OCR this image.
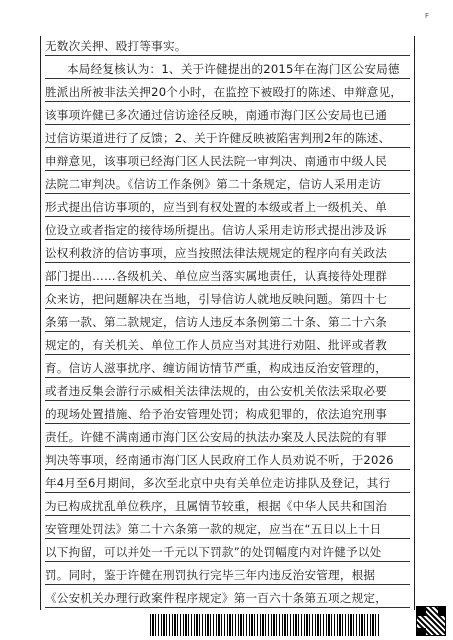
F
无数次关押、殴打等事实。
本局经复核认为：1、关于许健提出的2015年在海门区公安局德
胜派出所被非法关押20个小时，在监控下被殴打的陈述、申辩意见，
该事项许健已多次通过信访途径反映，南通市海门区公安局也已通
过信访渠道进行了反馈；2、关于许健反映被陷害判刑2年的陈述、
申辩意见，该事项已经海门区人民法院一审判决、南通市中级人民
法院二审判决。《信访工作条例》第二十条规定，信访人采用走访
形式提出信访事项的，应当到有权处置的本级或者上一级机关、单
位设立或者指定的接待场所提出。信访人采用走访形式提出涉及诉
讼权利救济的信访事项，应当按照法律法规规定的程序向有关政法
部门提出……各级机关、单位应当落实属地责任，认真接待处理群
众来访，把问题解决在当地，引导信访人就地反映问题。第四十七
条第一款、第二款规定，信访人违反本条例第二十条、第二十六条
规定的，有关机关、单位工作人员应当对其进行劝阻、批评或者教
育。信访人滋事扰序、缠访闹访情节严重，构成违反治安管理的，
或者违反集会游行示威相关法律法规的，由公安机关依法采取必要
的现场处置措施、给予治安管理处罚；构成犯罪的，依法追究刑事
责任。许健不满南通市海门区公安局的执法办案及人民法院的有罪
判决等事项，经南通市海门区人民政府工作人员劝说不听，于2026
年4月至6月期间，多次至北京中央有关单位走访排队及登记，其行
为已构成扰乱单位秩序，且属情节较重，根据《中华人民共和国治
安管理处罚法》第二十六条第一款的规定，应当在“五日以上十日
以下拘留，可以并处一千元以下罚款”的处罚幅度内对许健予以处
罚。同时，鉴于许健在刑罚执行完毕三年内违反治安管理，根据
《公安机关办理行政案件程序规定》第一百六十条第五项之规定，
